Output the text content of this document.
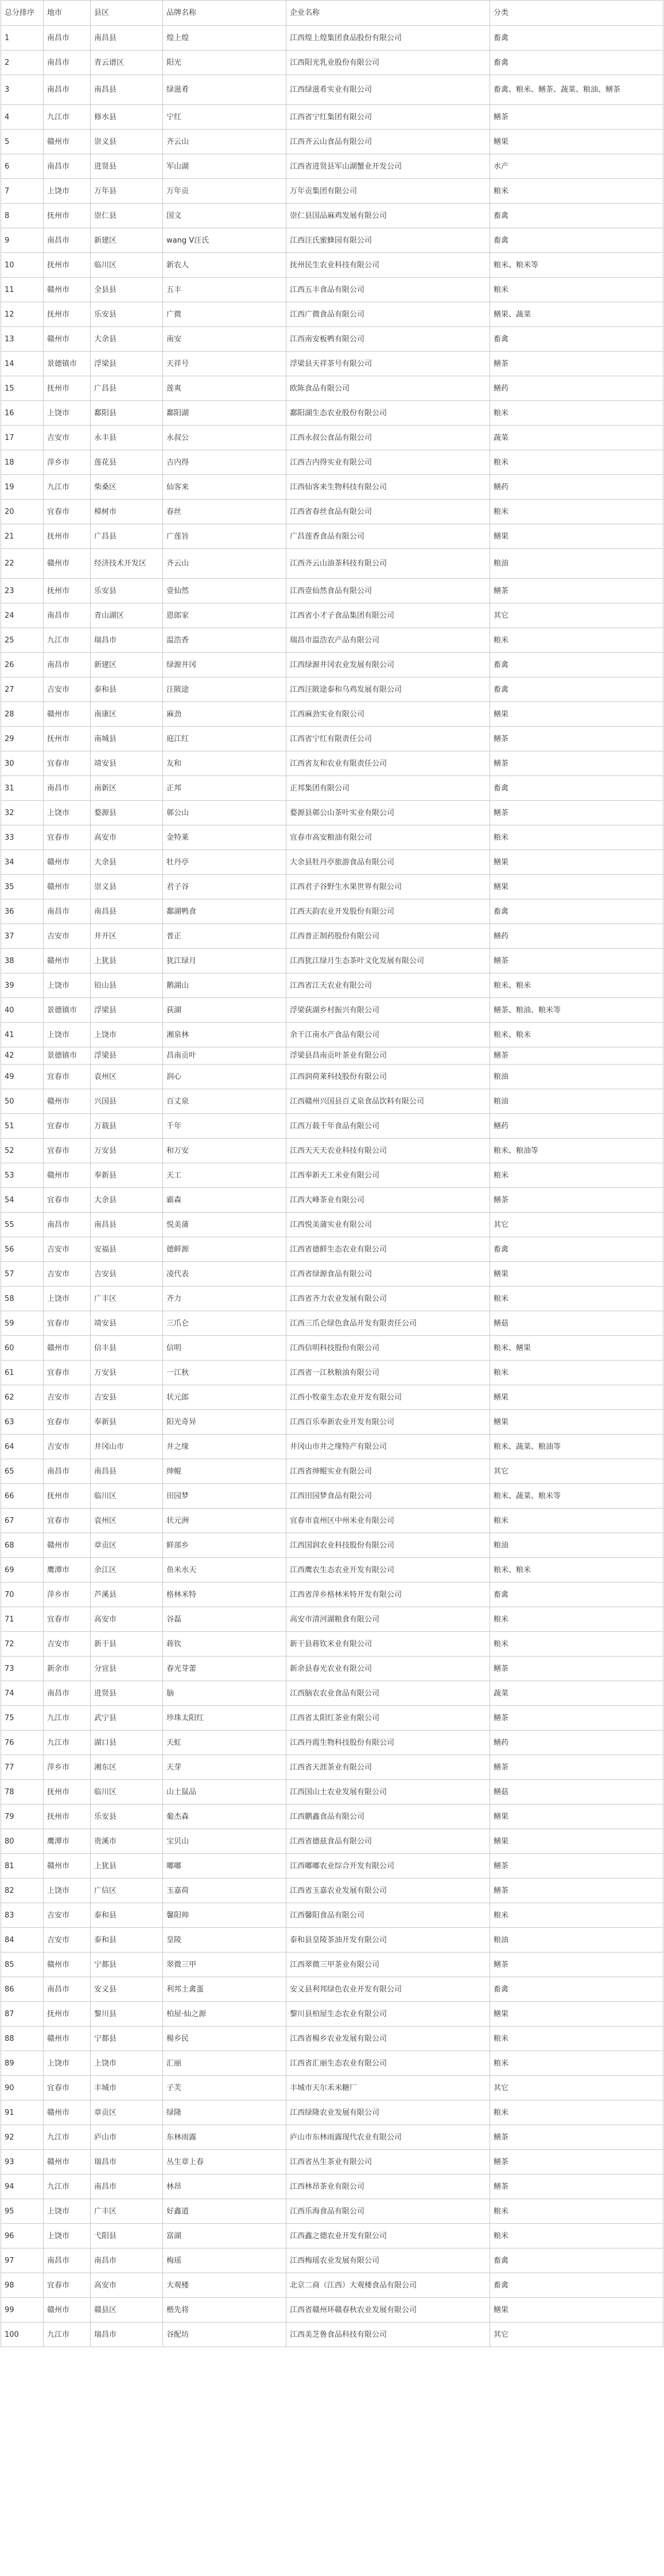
总分排序	地市	县区	品牌名称	企业名称	分类
1	南昌市	南昌县	煌上煌	江西煌上煌集团食品股份有限公司	畜禽
2	南昌市	青云谱区	阳光	江西阳光乳业股份有限公司	畜禽
3	南昌市	南昌县	绿滋肴	江西绿滋肴实业有限公司	畜禽、粮米、鳝茶、蔬菜、粮油、鳝茶
4	九江市	修水县	宁红	江西省宁红集团有限公司	鳝茶
5	赣州市	崇义县	齐云山	江西齐云山食品有限公司	鳝果
6	南昌市	进贤县	军山湖	江西省进贤县军山湖蟹业开发公司	水产
7	上饶市	万年县	万年贡	万年贡集团有限公司	粮米
8	抚州市	崇仁县	国文	崇仁县国品麻鸡发展有限公司	畜禽
9	南昌市	新建区	wang V汪氏	江西汪氏蜜蜂园有限公司	畜禽
10	抚州市	临川区	新农人	抚州民生农业科技有限公司	粮米、粮米等
11	赣州市	全县县	五丰	江西五丰食品有限公司	粮米
12	抚州市	乐安县	广微	江西广微食品有限公司	鳝果、蔬菜
13	赣州市	大余县	南安	江西南安板鸭有限公司	畜禽
14	景德镇市	浮梁县	天祥号	浮梁县天祥茶号有限公司	鳝茶
15	抚州市	广昌县	莲爽	欧陈食品有限公司	鳝药
16	上饶市	鄱阳县	鄱阳湖	鄱阳湖生态农业股份有限公司	粮米
17	吉安市	永丰县	永叔公	江西永叔公食品有限公司	蔬菜
18	萍乡市	莲花县	吉内得	江西吉内得实业有限公司	粮米
19	九江市	柴桑区	仙客来	江西仙客来生物科技有限公司	鳝药
20	宜春市	樟树市	春丝	江西省春丝食品有限公司	粮米
21	抚州市	广昌县	广莲旨	广昌莲香食品有限公司	鳝果
22	赣州市	经济技术开发区	齐云山	江西齐云山油茶科技有限公司	粮油
23	抚州市	乐安县	壹仙然	江西壹仙然食品有限公司	鳝茶
24	南昌市	青山湖区	恩郎家	江西省小才子食品集团有限公司	其它
25	九江市	瑞昌市	温浩香	瑞昌市温浩农产品有限公司	粮米
26	南昌市	新建区	绿源井冈	江西绿源井冈农业发展有限公司	畜禽
27	吉安市	泰和县	汪陂途	江西汪陂途泰和乌鸡发展有限公司	畜禽
28	赣州市	南康区	麻劲	江西麻劲实业有限公司	鳝果
29	抚州市	南城县	庭江红	江西省宁红有限责任公司	鳝茶
30	宜春市	靖安县	友和	江西省友和农业有限责任公司	鳝茶
31	南昌市	南新区	正邦	正邦集团有限公司	畜禽
32	上饶市	婺源县	鄣公山	婺源县鄣公山茶叶实业有限公司	鳝茶
33	宜春市	高安市	金特莱	宜春市高安粮油有限公司	粮米
34	赣州市	大余县	牡丹亭	大余县牡丹亭旅游食品有限公司	鳝果
35	赣州市	崇义县	君子谷	江西君子谷野生水果世界有限公司	鳝果
36	南昌市	南昌县	鄱湖鸭食	江西天韵农业开发股份有限公司	畜禽
37	吉安市	井开区	普正	江西普正制药股份有限公司	鳝药
38	赣州市	上犹县	犹江绿月	江西犹江绿月生态茶叶文化发展有限公司	鳝茶
39	上饶市	铅山县	鹅湖山	江西省江天农业有限公司	粮米、粮米
40	景德镇市	浮梁县	荻湖	浮梁荻湖乡村振兴有限公司	鳝茶、粮油、粮米等
41	上饶市	上饶市	湘泉林	余干江南水产食品有限公司	粮米、粮米
42	景德镇市	浮梁县	昌南贡叶	浮梁县昌南贡叶茶业有限公司	鳝茶
49	宜春市	袁州区	润心	江西润荷莱科技股份有限公司	粮油
50	赣州市	兴国县	百丈泉	江西赣州兴国县百丈泉食品饮料有限公司	粮油
51	宜春市	万载县	千年	江西万载千年食品有限公司	鳝药
52	宜春市	万安县	和万安	江西天天天农业科技有限公司	粮米、粮油等
53	赣州市	奉新县	天工	江西奉新天工米业有限公司	粮米
54	宜春市	大余县	霸森	江西大峰茶业有限公司	鳝茶
55	南昌市	南昌县	悦美蒲	江西悦美蒲实业有限公司	其它
56	吉安市	安福县	德鲜源	江西省德鲜生态农业有限公司	畜禽
57	吉安市	吉安县	凌代表	江西省绿源食品有限公司	鳝果
58	上饶市	广丰区	齐力	江西省齐力农业发展有限公司	粮米
59	宜春市	靖安县	三爪仑	江西三爪仑绿色食品开发有限责任公司	鳝菇
60	赣州市	信丰县	信明	江西信明科技股份有限公司	粮米、鳝果
61	宜春市	万安县	一江秋	江西省一江秋粮油有限公司	粮米
62	吉安市	吉安县	状元郎	江西小牧童生态农业开发有限公司	鳝果
63	宜春市	奉新县	阳光奇异	江西百乐奉新农业开发有限公司	鳝果
64	吉安市	井冈山市	井之缘	井冈山市井之缘特产有限公司	粮米、蔬菜、粮油等
65	南昌市	南昌县	绅鲲	江西省绅鲲实业有限公司	其它
66	抚州市	临川区	田园梦	江西田园梦食品有限公司	粮米、蔬菜、粮米等
67	宜春市	袁州区	状元洲	宜春市袁州区中州米业有限公司	粮米
68	赣州市	章贡区	鲜部乡	江西国润农业科技股份有限公司	粮油
69	鹰潭市	余江区	鱼米水天	江西鹰农生态农业开发有限公司	粮米、粮米
70	萍乡市	芦溪县	格林米特	江西省萍乡格林米特开发有限公司	畜禽
71	宜春市	高安市	谷磊	高安市清河湖粮食有限公司	粮米
72	吉安市	新干县	蒋钦	新干县蒋钦米业有限公司	粮米
73	新余市	分宜县	春光芽蕾	新余县春光农业有限公司	鳝茶
74	南昌市	进贤县	脑	江西脑农农业食品有限公司	蔬菜
75	九江市	武宁县	珍珠太阳红	江西省太阳红茶业有限公司	鳝茶
76	九江市	湖口县	天虹	江西丹霞生物科技股份有限公司	鳝药
77	萍乡市	湘东区	天芽	江西省天涯茶业有限公司	鳝茶
78	抚州市	临川区	山土鼠品	江西国山土农业发展有限公司	鳝菇
79	抚州市	乐安县	葡杰森	江西鹏鑫食品有限公司	鳝果
80	鹰潭市	贵溪市	宝贝山	江西省德兹食品有限公司	鳝果
81	赣州市	上犹县	嘟嘟	江西嘟嘟农业综合开发有限公司	鳝茶
82	上饶市	广信区	玉嘉荷	江西省玉嘉农业发展有限公司	鳝茶
83	吉安市	泰和县	馨阳帅	江西馨阳食品有限公司	粮米
84	吉安市	泰和县	皇陵	泰和县皇陵茶油开发有限公司	粮油
85	赣州市	宁都县	翠微三甲	江西翠微三甲茶业有限公司	鳝茶
86	南昌市	安义县	利邦土禽蛋	安义县利邦绿色农业开发有限公司	畜禽
87	抚州市	黎川县	柏屋·仙之源	黎川县柏屋生态农业有限公司	鳝果
88	赣州市	宁都县	楊乡民	江西省楊乡农业发展有限公司	粮米
89	上饶市	上饶市	汇丽	江西省汇丽生态农业有限公司	粮米
90	宜春市	丰城市	子芙	丰城市天尔禾米糖厂	其它
91	赣州市	章贡区	绿隆	江西绿隆农业发展有限公司	粮米
92	九江市	庐山市	东林雨露	庐山市东林雨露现代农业有限公司	鳝茶
93	赣州市	瑞昌市	丛生章上春	江西省丛生茶业有限公司	鳝茶
94	九江市	南昌市	林昂	江西林昂茶业有限公司	鳝茶
95	上饶市	广丰区	好鑫道	江西乐海食品有限公司	粮米
96	上饶市	弋阳县	富湖	江西鑫之德农业开发有限公司	粮米
97	南昌市	南昌市	梅瑶	江西梅瑶农业发展有限公司	畜禽
98	宜春市	高安市	大观楼	北京二商（江西）大观楼食品有限公司	畜禽
99	赣州市	赣县区	楷先将	江西省赣州环赣春秋农业发展有限公司	鳝果
100	九江市	瑞昌市	谷配坊	江西美芝鲁食品科技有限公司	其它
